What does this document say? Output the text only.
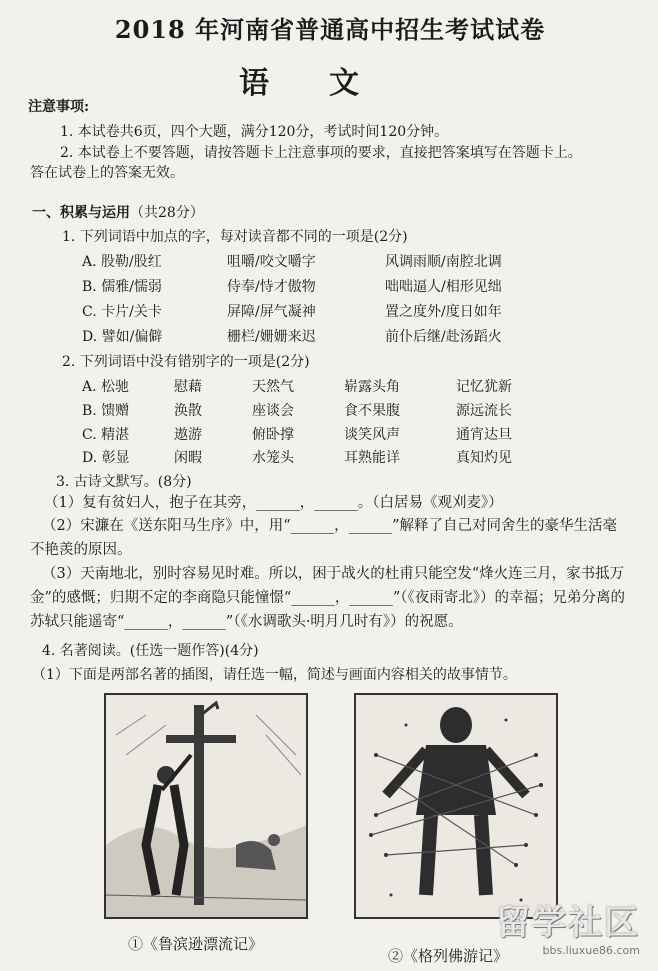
2018 年河南省普通高中招生考试试卷
语文
注意事项:
1. 本试卷共6页，四个大题，满分120分，考试时间120分钟。
2. 本试卷上不要答题，请按答题卡上注意事项的要求，直接把答案填写在答题卡上。
答在试卷上的答案无效。
一、积累与运用（共28分）
1. 下列词语中加点的字，每对读音都不同的一项是(2分)
A. 股勒/股红	咀嚼/咬文嚼字	风调雨顺/南腔北调
B. 儒雅/懦弱	侍奉/恃才傲物	咄咄逼人/相形见绌
C. 卡片/关卡	屏障/屏气凝神	置之度外/度日如年
D. 譬如/偏僻	栅栏/姗姗来迟	前仆后继/赴汤蹈火
2. 下列词语中没有错别字的一项是(2分)
A. 松驰	慰藉	天然气	崭露头角	记忆犹新
B. 馈赠	涣散	座谈会	食不果腹	源远流长
C. 精湛	遨游	俯卧撑	谈笑风声	通宵达旦
D. 彰显	闲暇	水笼头	耳熟能详	真知灼见
3. 古诗文默写。(8分)
（1）复有贫妇人，抱子在其旁，______，______。（白居易《观刈麦》）
（2）宋濂在《送东阳马生序》中，用“______，______”解释了自己对同舍生的豪华生活毫不艳羡的原因。
（3）天南地北，别时容易见时难。所以，困于战火的杜甫只能空发“烽火连三月，家书抵万金”的感慨；归期不定的李商隐只能憧憬“______，______”（《夜雨寄北》）的幸福；兄弟分离的苏轼只能遥寄“______，______”（《水调歌头·明月几时有》）的祝愿。
4. 名著阅读。(任选一题作答)(4分)
（1）下面是两部名著的插图，请任选一幅，简述与画面内容相关的故事情节。
①《鲁滨逊漂流记》
②《格列佛游记》
留学社区
bbs.liuxue86.com
